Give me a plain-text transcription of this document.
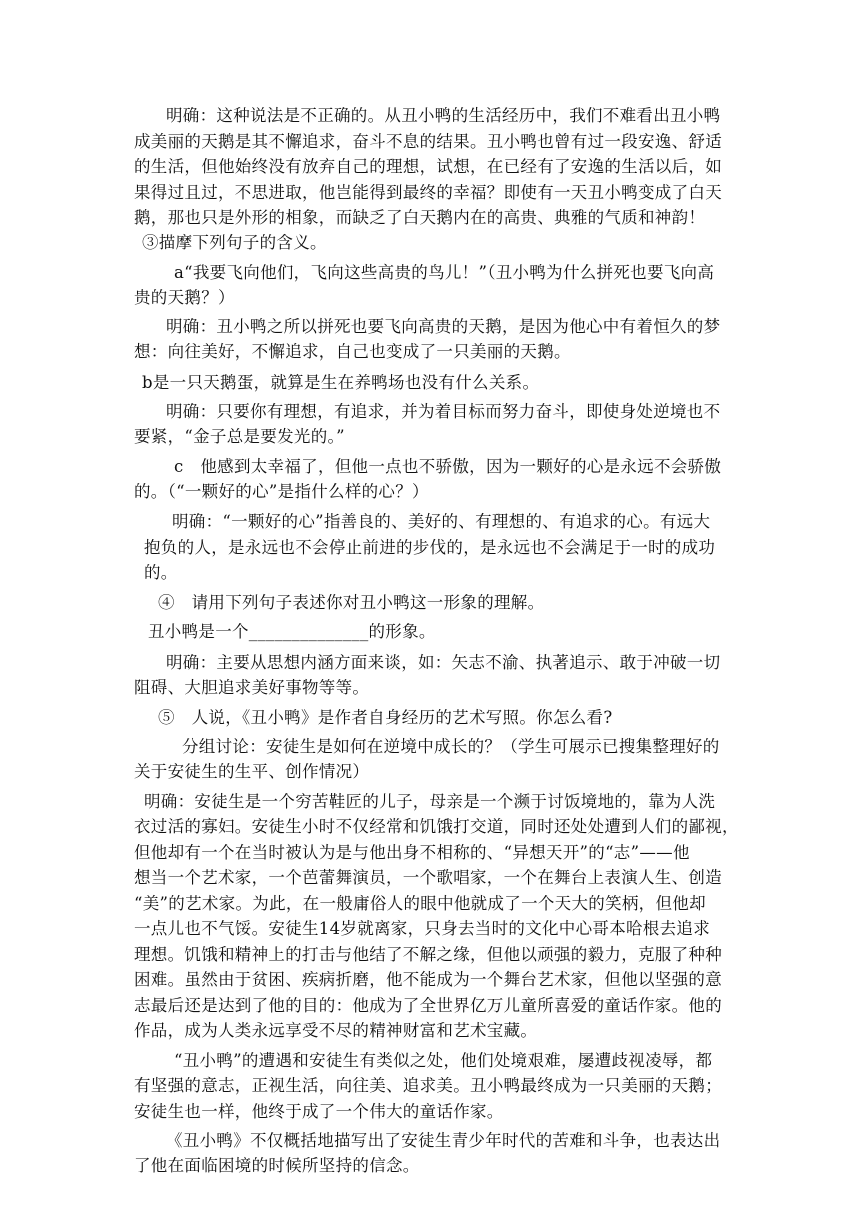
明确：这种说法是不正确的。从丑小鸭的生活经历中，我们不难看出丑小鸭
成美丽的天鹅是其不懈追求，奋斗不息的结果。丑小鸭也曾有过一段安逸、舒适
的生活，但他始终没有放弃自己的理想，试想，在已经有了安逸的生活以后，如
果得过且过，不思进取，他岂能得到最终的幸福？即使有一天丑小鸭变成了白天
鹅，那也只是外形的相象，而缺乏了白天鹅内在的高贵、典雅的气质和神韵！
③描摩下列句子的含义。
a“我要飞向他们，飞向这些高贵的鸟儿！”（丑小鸭为什么拼死也要飞向高
贵的天鹅？）
明确：丑小鸭之所以拼死也要飞向高贵的天鹅，是因为他心中有着恒久的梦
想：向往美好，不懈追求，自己也变成了一只美丽的天鹅。
b是一只天鹅蛋，就算是生在养鸭场也没有什么关系。
明确：只要你有理想，有追求，并为着目标而努力奋斗，即使身处逆境也不
要紧，“金子总是要发光的。”
c　他感到太幸福了，但他一点也不骄傲，因为一颗好的心是永远不会骄傲
的。（“一颗好的心”是指什么样的心？）
明确：“一颗好的心”指善良的、美好的、有理想的、有追求的心。有远大
抱负的人，是永远也不会停止前进的步伐的，是永远也不会满足于一时的成功
的。
④　请用下列句子表述你对丑小鸭这一形象的理解。
丑小鸭是一个______________的形象。
明确：主要从思想内涵方面来谈，如：矢志不渝、执著追示、敢于冲破一切
阻碍、大胆追求美好事物等等。
⑤　人说，《丑小鸭》是作者自身经历的艺术写照。你怎么看?
分组讨论：安徒生是如何在逆境中成长的？（学生可展示已搜集整理好的
关于安徒生的生平、创作情况）
明确：安徒生是一个穷苦鞋匠的儿子，母亲是一个濒于讨饭境地的，靠为人洗
衣过活的寡妇。安徒生小时不仅经常和饥饿打交道，同时还处处遭到人们的鄙视，
但他却有一个在当时被认为是与他出身不相称的、“异想天开”的“志”——他
想当一个艺术家，一个芭蕾舞演员，一个歌唱家，一个在舞台上表演人生、创造
“美”的艺术家。为此，在一般庸俗人的眼中他就成了一个天大的笑柄，但他却
一点儿也不气馁。安徒生14岁就离家，只身去当时的文化中心哥本哈根去追求
理想。饥饿和精神上的打击与他结了不解之缘，但他以顽强的毅力，克服了种种
困难。虽然由于贫困、疾病折磨，他不能成为一个舞台艺术家，但他以坚强的意
志最后还是达到了他的目的：他成为了全世界亿万儿童所喜爱的童话作家。他的
作品，成为人类永远享受不尽的精神财富和艺术宝藏。
“丑小鸭”的遭遇和安徒生有类似之处，他们处境艰难，屡遭歧视凌辱，都
有坚强的意志，正视生活，向往美、追求美。丑小鸭最终成为一只美丽的天鹅；
安徒生也一样，他终于成了一个伟大的童话作家。
《丑小鸭》不仅概括地描写出了安徒生青少年时代的苦难和斗争，也表达出
了他在面临困境的时候所坚持的信念。
